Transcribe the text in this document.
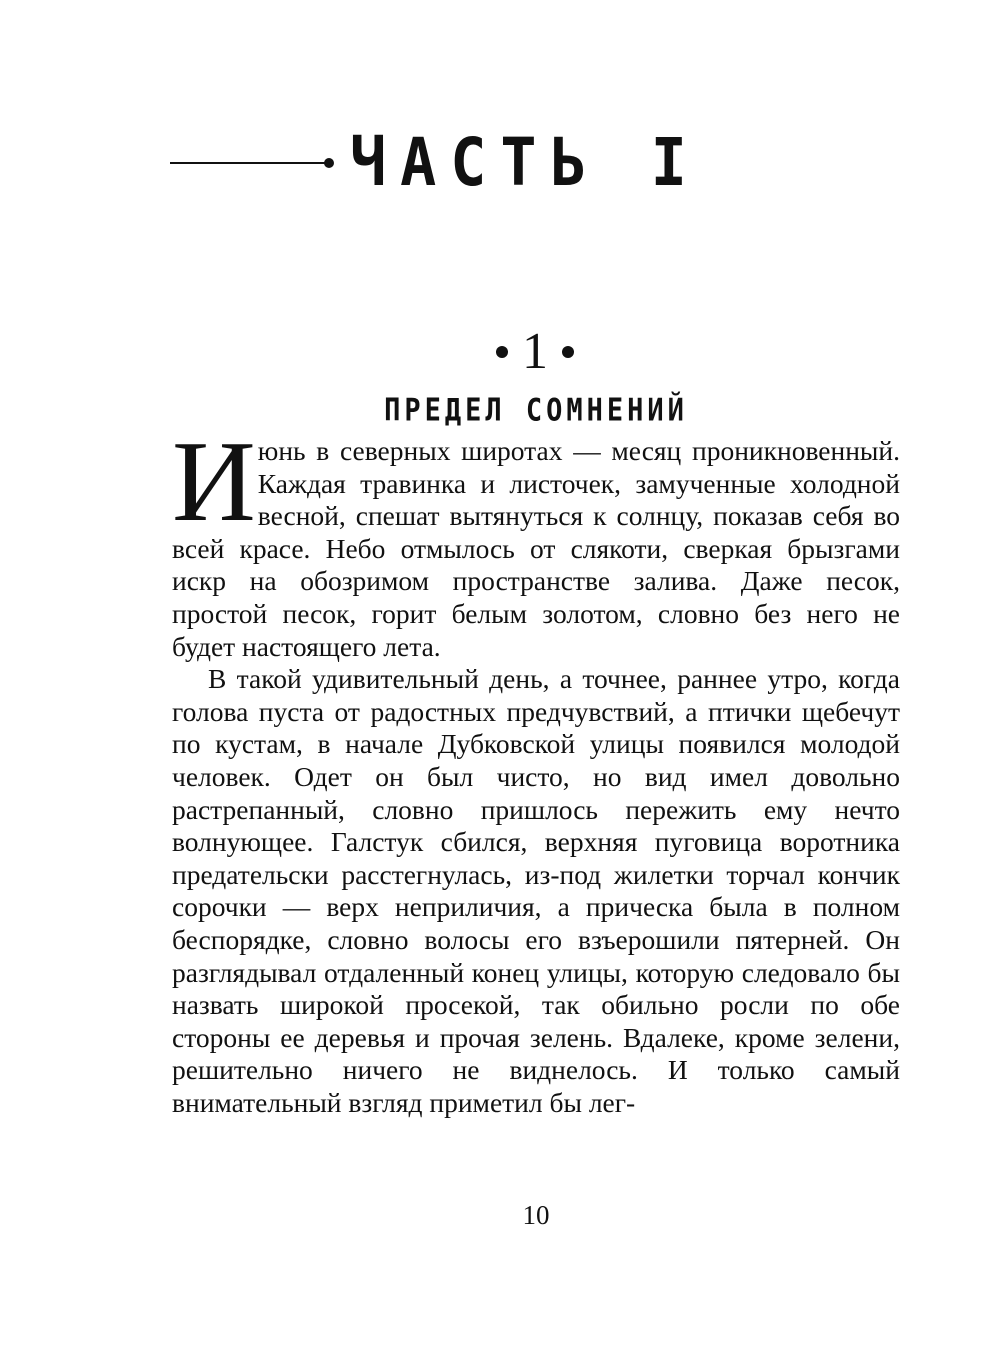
ЧАСТЬ I
1
ПРЕДЕЛ СОМНЕНИЙ

Июнь в северных широтах — месяц проникновенный. Каждая травинка и листочек, замученные холодной весной, спешат вытянуться к солнцу, показав себя во всей красе. Небо отмылось от слякоти, сверкая брызгами искр на обозримом пространстве залива. Даже песок, простой песок, горит белым золотом, словно без него не будет настоящего лета.

В такой удивительный день, а точнее, раннее утро, когда голова пуста от радостных предчувствий, а птички щебечут по кустам, в начале Дубковской улицы появился молодой человек. Одет он был чисто, но вид имел довольно растрепанный, словно пришлось пережить ему нечто волнующее. Галстук сбился, верхняя пуговица воротника предательски расстегнулась, из-под жилетки торчал кончик сорочки — верх неприличия, а прическа была в полном беспорядке, словно волосы его взъерошили пятерней. Он разглядывал отдаленный конец улицы, которую следовало бы назвать широкой просекой, так обильно росли по обе стороны ее деревья и прочая зелень. Вдалеке, кроме зелени, решительно ничего не виднелось. И только самый внимательный взгляд приметил бы лег-

10
